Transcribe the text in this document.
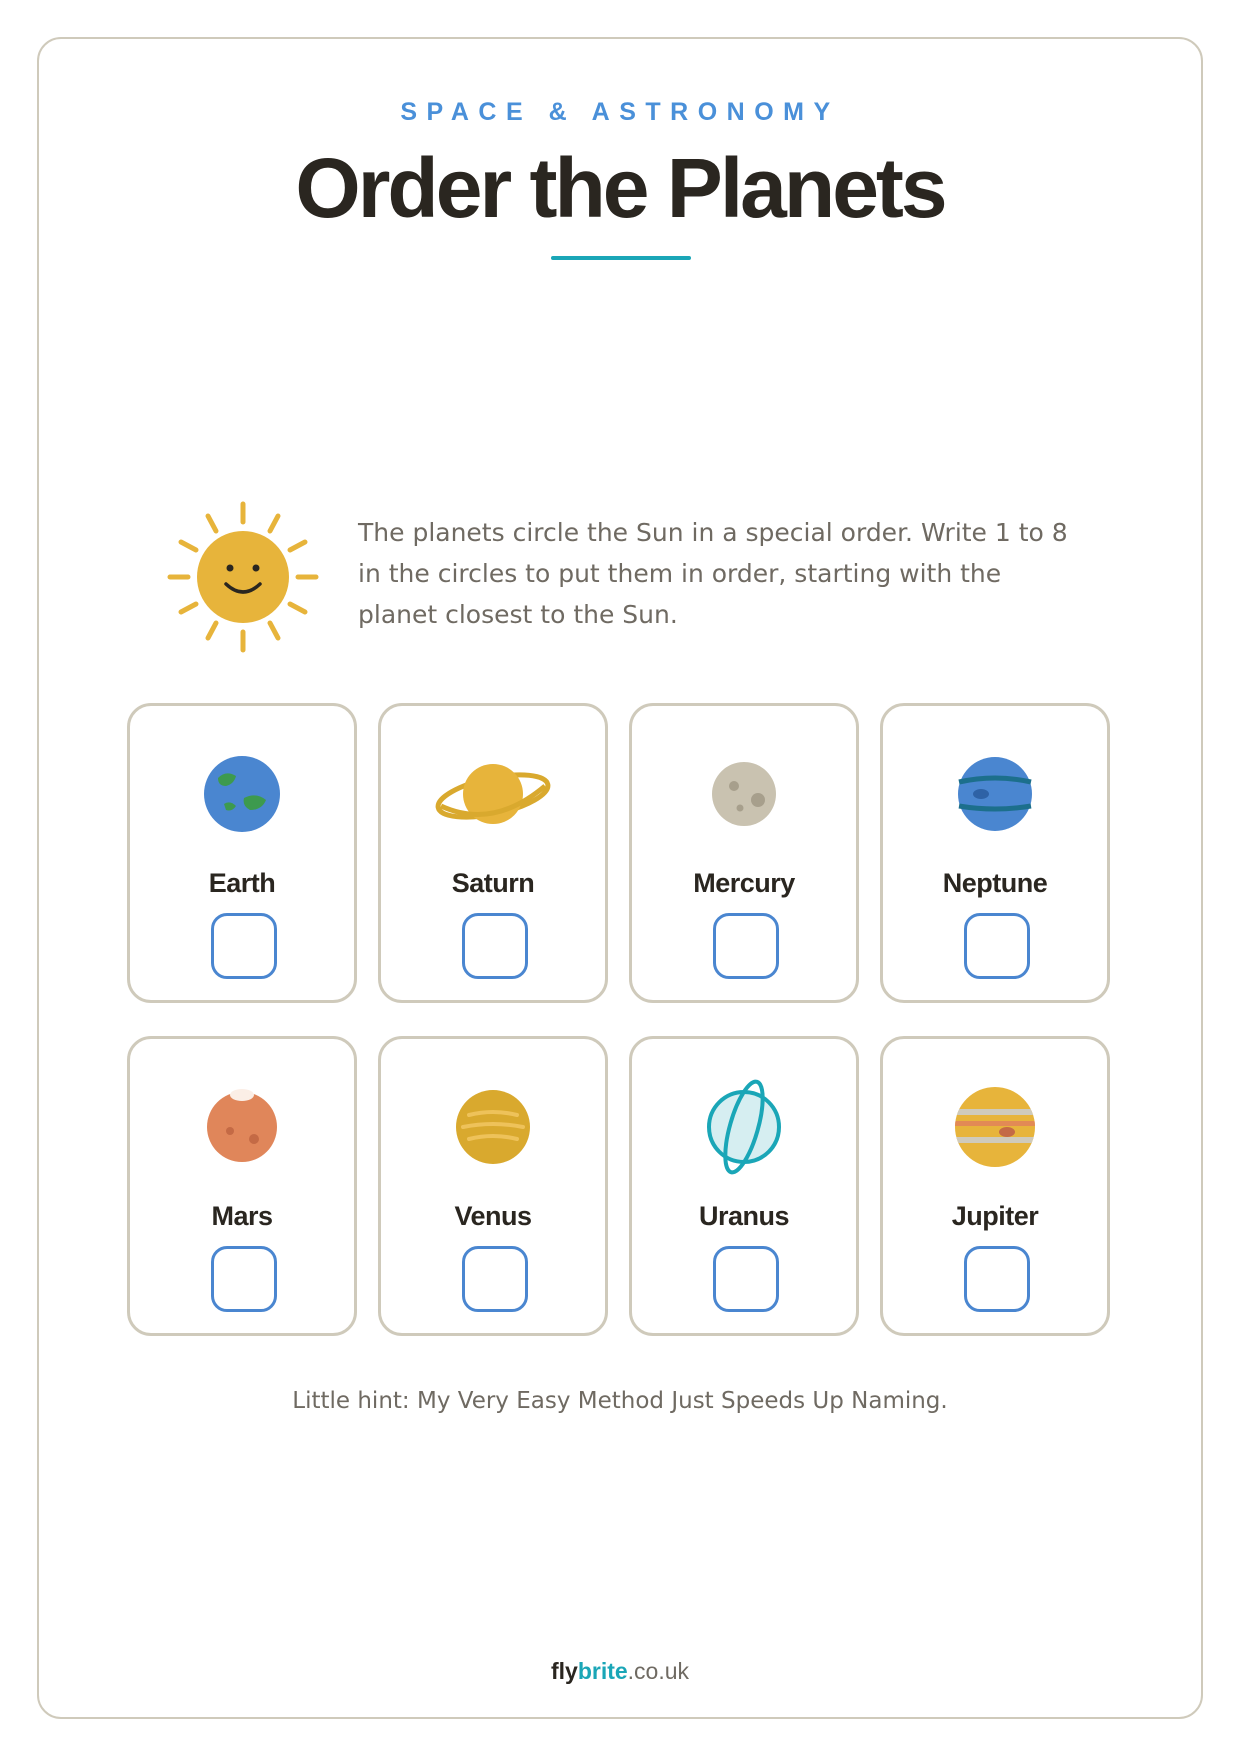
SPACE & ASTRONOMY
Order the Planets

The planets circle the Sun in a special order. Write 1 to 8 in the circles to put them in order, starting with the planet closest to the Sun.

Earth	Saturn	Mercury	Neptune
Mars	Venus	Uranus	Jupiter

Little hint: My Very Easy Method Just Speeds Up Naming.

flybrite.co.uk
